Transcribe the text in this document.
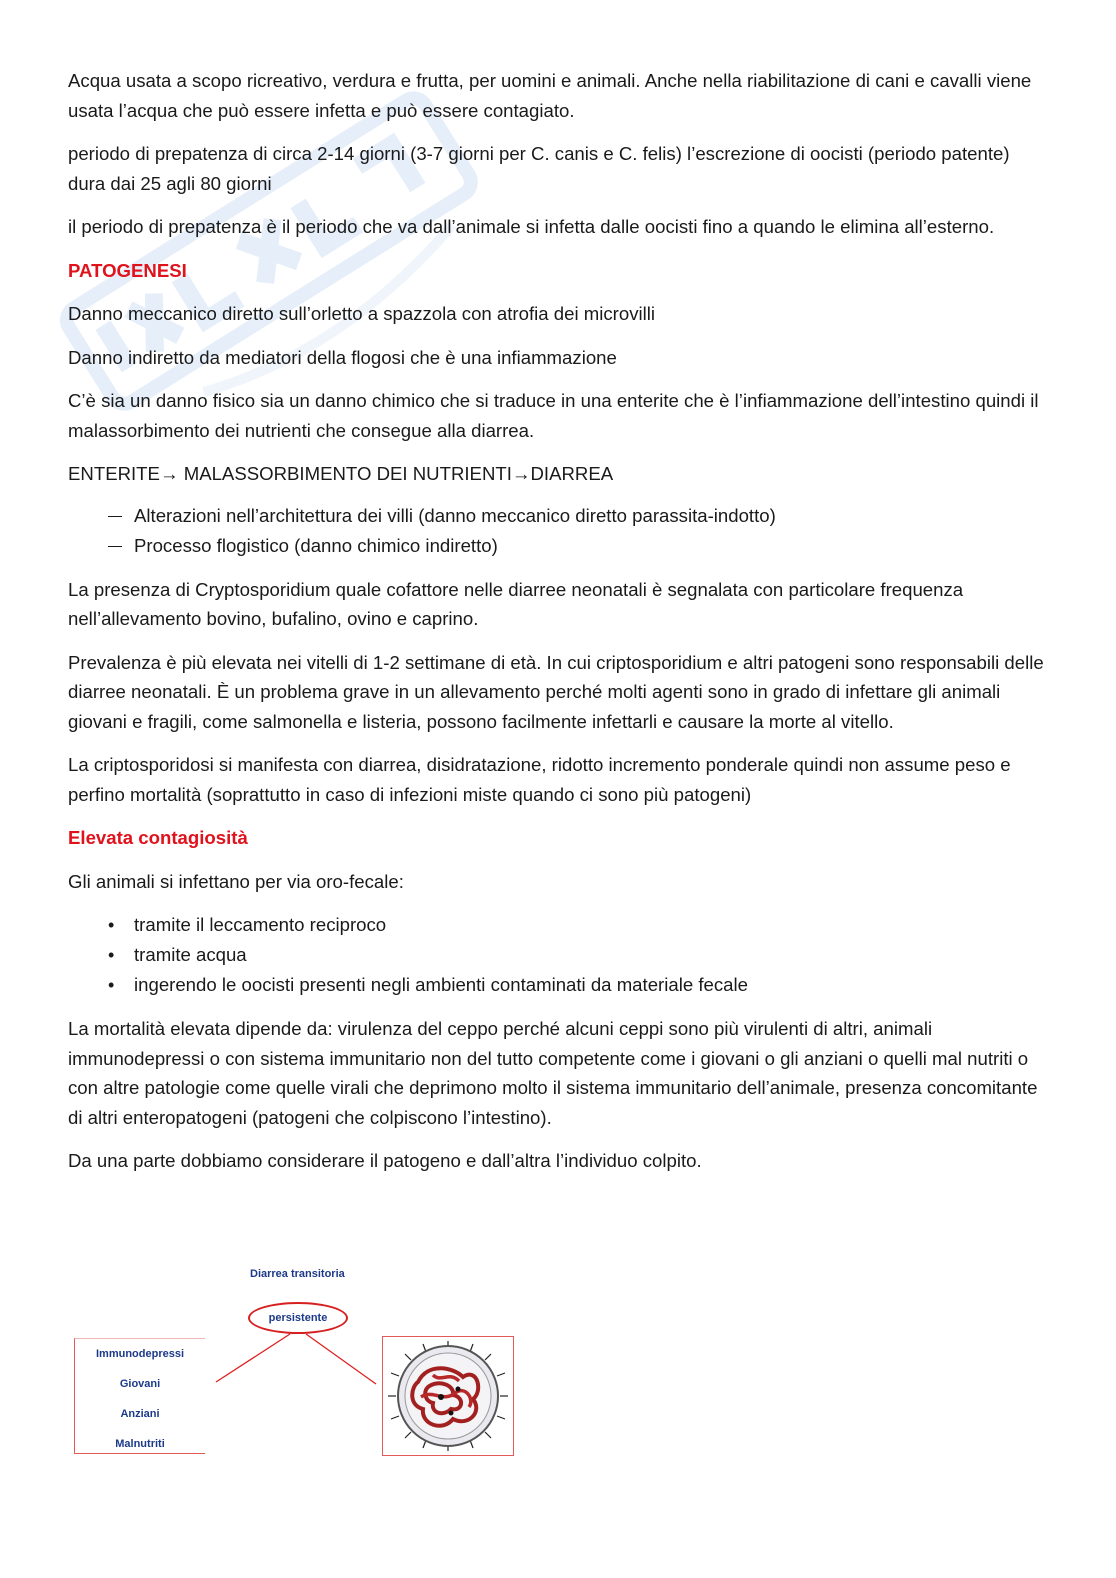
Acqua usata a scopo ricreativo, verdura e frutta, per uomini e animali. Anche nella riabilitazione di cani e cavalli viene usata l’acqua che può essere infetta e può essere contagiato.

periodo di prepatenza di circa 2-14 giorni (3-7 giorni per C. canis e C. felis) l’escrezione di oocisti (periodo patente) dura dai 25 agli 80 giorni

il periodo di prepatenza è il periodo che va dall’animale si infetta dalle oocisti fino a quando le elimina all’esterno.

PATOGENESI

Danno meccanico diretto sull’orletto a spazzola con atrofia dei microvilli

Danno indiretto da mediatori della flogosi che è una infiammazione

C’è sia un danno fisico sia un danno chimico che si traduce in una enterite che è l’infiammazione dell’intestino quindi il malassorbimento dei nutrienti che consegue alla diarrea.

ENTERITE→ MALASSORBIMENTO DEI NUTRIENTI→DIARREA

Alterazioni nell’architettura dei villi (danno meccanico diretto parassita-indotto)
Processo flogistico (danno chimico indiretto)

La presenza di Cryptosporidium quale cofattore nelle diarree neonatali è segnalata con particolare frequenza nell’allevamento bovino, bufalino, ovino e caprino.

Prevalenza è più elevata nei vitelli di 1-2 settimane di età. In cui criptosporidium e altri patogeni sono responsabili delle diarree neonatali. È un problema grave in un allevamento perché molti agenti sono in grado di infettare gli animali giovani e fragili, come salmonella e listeria, possono facilmente infettarli e causare la morte al vitello.

La criptosporidosi si manifesta con diarrea, disidratazione, ridotto incremento ponderale quindi non assume peso e perfino mortalità (soprattutto in caso di infezioni miste quando ci sono più patogeni)

Elevata contagiosità

Gli animali si infettano per via oro-fecale:

• tramite il leccamento reciproco
• tramite acqua
• ingerendo le oocisti presenti negli ambienti contaminati da materiale fecale

La mortalità elevata dipende da: virulenza del ceppo perché alcuni ceppi sono più virulenti di altri, animali immunodepressi o con sistema immunitario non del tutto competente come i giovani o gli anziani o quelli mal nutriti o con altre patologie come quelle virali che deprimono molto il sistema immunitario dell’animale, presenza concomitante di altri enteropatogeni (patogeni che colpiscono l’intestino).

Da una parte dobbiamo considerare il patogeno e dall’altra l’individuo colpito.

Diarrea transitoria
persistente
Immunodepressi
Giovani
Anziani
Malnutriti
